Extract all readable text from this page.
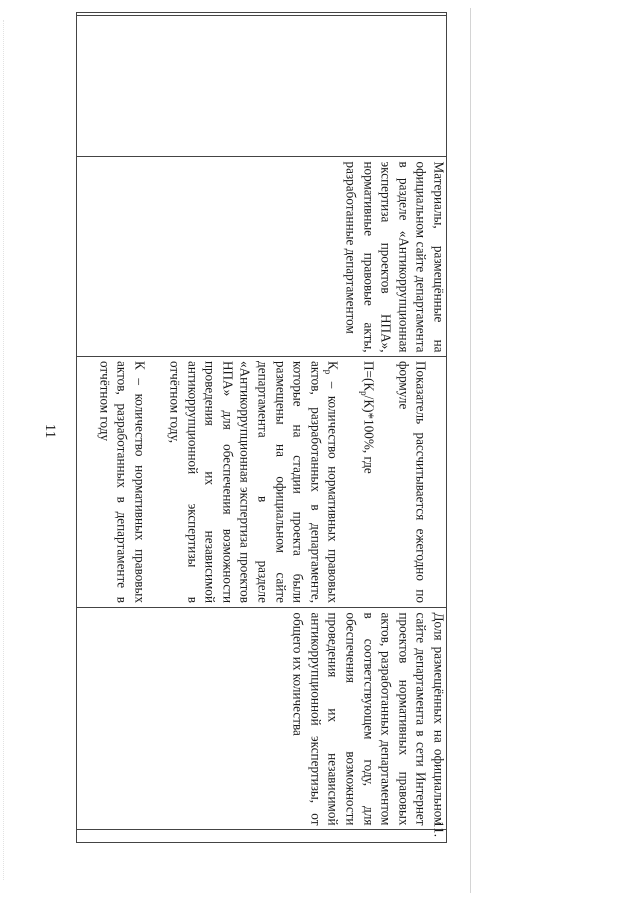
11
Материалы, размещённые на официальном сайте департамента в разделе «Антикоррупционная экспертиза проектов НПА», нормативные правовые акты, разработанные департаментом

Показатель рассчитывается ежегодно по формуле

$П=(К_р/К)*100\%$, где

$К_р$ – количество нормативных правовых актов, разработанных в департаменте, которые на стадии проекта были размещены на официальном сайте департамента в разделе «Антикоррупционная экспертиза проектов НПА» для обеспечения возможности проведения их независимой антикоррупционной экспертизы в отчётном году,

К – количество нормативных правовых актов, разработанных в департаменте в отчётном году

Доля размещённых на официальном сайте департамента в сети Интернет проектов нормативных правовых актов, разработанных департаментом в соответствующем году, для обеспечения возможности проведения их независимой антикоррупционной экспертизы, от общего их количества
11.
